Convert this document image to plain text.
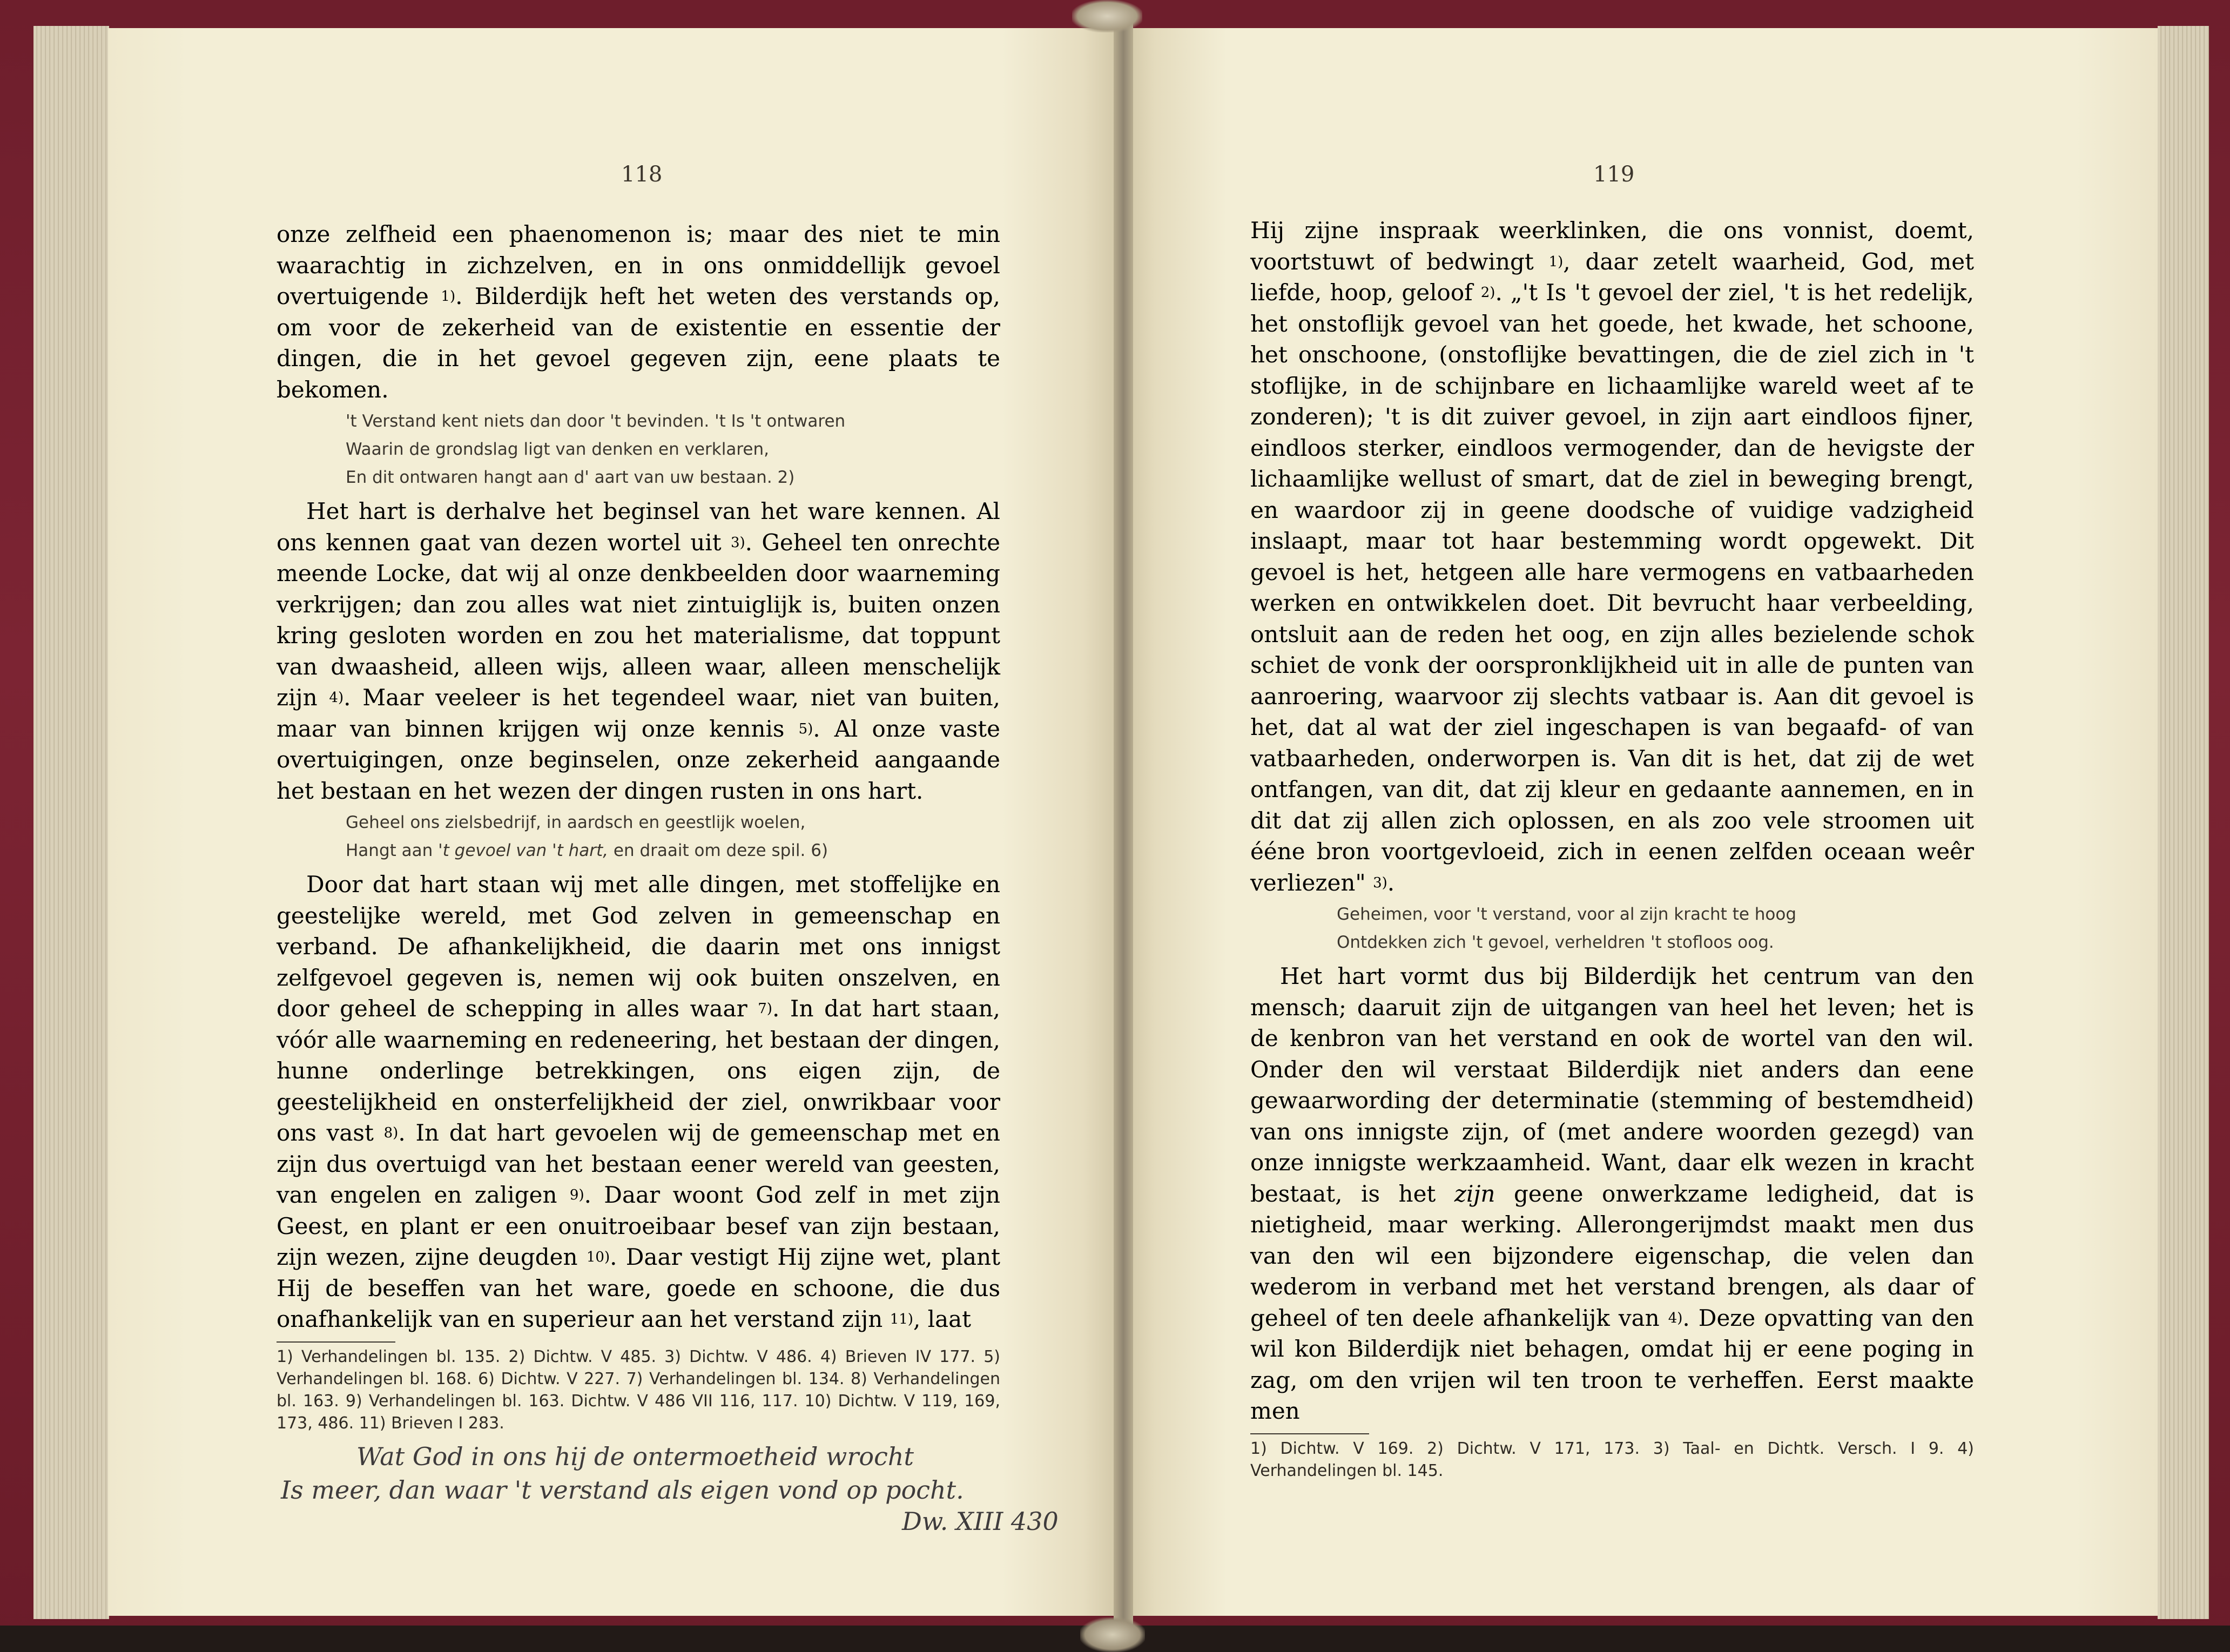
118

onze zelfheid een phaenomenon is; maar des niet te min waarachtig in zichzelven, en in ons onmiddellijk gevoel overtuigende $^{1)}$. Bilderdijk heft het weten des verstands op, om voor de zekerheid van de existentie en essentie der dingen, die in het gevoel gegeven zijn, eene plaats te bekomen.

't Verstand kent niets dan door 't bevinden. 't Is 't ontwaren
Waarin de grondslag ligt van denken en verklaren,
En dit ontwaren hangt aan d' aart van uw bestaan. 2)

Het hart is derhalve het beginsel van het ware kennen. Al ons kennen gaat van dezen wortel uit $^{3)}$. Geheel ten onrechte meende Locke, dat wij al onze denkbeelden door waarneming verkrijgen; dan zou alles wat niet zintuiglijk is, buiten onzen kring gesloten worden en zou het materialisme, dat toppunt van dwaasheid, alleen wijs, alleen waar, alleen menschelijk zijn $^{4)}$. Maar veeleer is het tegendeel waar, niet van buiten, maar van binnen krijgen wij onze kennis $^{5)}$. Al onze vaste overtuigingen, onze beginselen, onze zekerheid aangaande het bestaan en het wezen der dingen rusten in ons hart.

Geheel ons zielsbedrijf, in aardsch en geestlijk woelen,
Hangt aan 't gevoel van 't hart, en draait om deze spil. 6)

Door dat hart staan wij met alle dingen, met stoffelijke en geestelijke wereld, met God zelven in gemeenschap en verband. De afhankelijkheid, die daarin met ons innigst zelfgevoel gegeven is, nemen wij ook buiten onszelven, en door geheel de schepping in alles waar $^{7)}$. In dat hart staan, vóór alle waarneming en redeneering, het bestaan der dingen, hunne onderlinge betrekkingen, ons eigen zijn, de geestelijkheid en onsterfelijkheid der ziel, onwrikbaar voor ons vast $^{8)}$. In dat hart gevoelen wij de gemeenschap met en zijn dus overtuigd van het bestaan eener wereld van geesten, van engelen en zaligen $^{9)}$. Daar woont God zelf in met zijn Geest, en plant er een onuitroeibaar besef van zijn bestaan, zijn wezen, zijne deugden $^{10)}$. Daar vestigt Hij zijne wet, plant Hij de beseffen van het ware, goede en schoone, die dus onafhankelijk van en superieur aan het verstand zijn $^{11)}$, laat

1) Verhandelingen bl. 135. 2) Dichtw. V 485. 3) Dichtw. V 486. 4) Brieven IV 177. 5) Verhandelingen bl. 168. 6) Dichtw. V 227. 7) Verhandelingen bl. 134. 8) Verhandelingen bl. 163. 9) Verhandelingen bl. 163. Dichtw. V 486 VII 116, 117. 10) Dichtw. V 119, 169, 173, 486. 11) Brieven I 283.

Wat God in ons hij de ontermoetheid wrocht
Is meer, dan waar 't verstand als eigen vond op pocht.
Dw. XIII 430
119

Hij zijne inspraak weerklinken, die ons vonnist, doemt, voortstuwt of bedwingt $^{1)}$, daar zetelt waarheid, God, met liefde, hoop, geloof $^{2)}$. „'t Is 't gevoel der ziel, 't is het redelijk, het onstoflijk gevoel van het goede, het kwade, het schoone, het onschoone, (onstoflijke bevattingen, die de ziel zich in 't stoflijke, in de schijnbare en lichaamlijke wareld weet af te zonderen); 't is dit zuiver gevoel, in zijn aart eindloos fijner, eindloos sterker, eindloos vermogender, dan de hevigste der lichaamlijke wellust of smart, dat de ziel in beweging brengt, en waardoor zij in geene doodsche of vuidige vadzigheid inslaapt, maar tot haar bestemming wordt opgewekt. Dit gevoel is het, hetgeen alle hare vermogens en vatbaarheden werken en ontwikkelen doet. Dit bevrucht haar verbeelding, ontsluit aan de reden het oog, en zijn alles bezielende schok schiet de vonk der oorspronklijkheid uit in alle de punten van aanroering, waarvoor zij slechts vatbaar is. Aan dit gevoel is het, dat al wat der ziel ingeschapen is van begaafd- of van vatbaarheden, onderworpen is. Van dit is het, dat zij de wet ontfangen, van dit, dat zij kleur en gedaante aannemen, en in dit dat zij allen zich oplossen, en als zoo vele stroomen uit ééne bron voortgevloeid, zich in eenen zelfden oceaan weêr verliezen" $^{3)}$.

Geheimen, voor 't verstand, voor al zijn kracht te hoog
Ontdekken zich 't gevoel, verheldren 't stofloos oog.

Het hart vormt dus bij Bilderdijk het centrum van den mensch; daaruit zijn de uitgangen van heel het leven; het is de kenbron van het verstand en ook de wortel van den wil. Onder den wil verstaat Bilderdijk niet anders dan eene gewaarwording der determinatie (stemming of bestemdheid) van ons innigste zijn, of (met andere woorden gezegd) van onze innigste werkzaamheid. Want, daar elk wezen in kracht bestaat, is het zijn geene onwerkzame ledigheid, dat is nietigheid, maar werking. Allerongerijmdst maakt men dus van den wil een bijzondere eigenschap, die velen dan wederom in verband met het verstand brengen, als daar of geheel of ten deele afhankelijk van $^{4)}$. Deze opvatting van den wil kon Bilderdijk niet behagen, omdat hij er eene poging in zag, om den vrijen wil ten troon te verheffen. Eerst maakte men

1) Dichtw. V 169. 2) Dichtw. V 171, 173. 3) Taal- en Dichtk. Versch. I 9. 4) Verhandelingen bl. 145.
